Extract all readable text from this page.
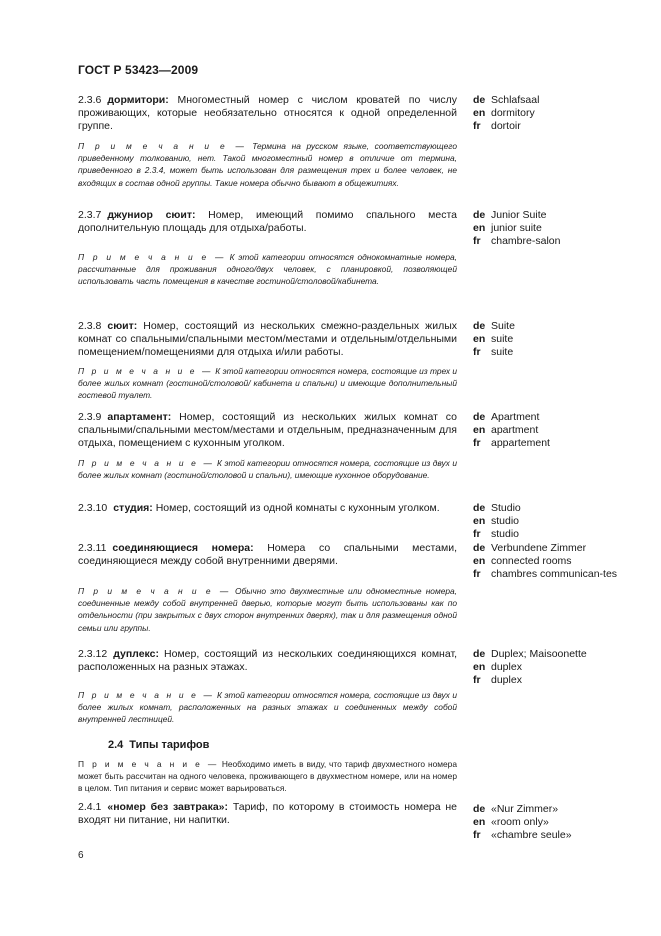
ГОСТ Р 53423—2009
2.3.6 дормитори: Многоместный номер с числом кроватей по числу проживающих, которые необязательно относятся к одной определенной группе.
П р и м е ч а н и е — Термина на русском языке, соответствующего приведенному толкованию, нет. Такой многоместный номер в отличие от термина, приведенного в 2.3.4, может быть использован для размещения трех и более человек, не входящих в состав одной группы. Такие номера обычно бывают в общежитиях.
de Schlafsaal
en dormitory
fr dortoir
2.3.7 джуниор сюит: Номер, имеющий помимо спального места дополнительную площадь для отдыха/работы.
П р и м е ч а н и е — К этой категории относятся однокомнатные номера, рассчитанные для проживания одного/двух человек, с планировкой, позволяющей использовать часть помещения в качестве гостиной/столовой/кабинета.
de Junior Suite
en junior suite
fr chambre-salon
2.3.8 сюит: Номер, состоящий из нескольких смежно-раздельных жилых комнат со спальными/спальными местом/местами и отдельным/отдельными помещением/помещениями для отдыха и/или работы.
П р и м е ч а н и е — К этой категории относятся номера, состоящие из трех и более жилых комнат (гостиной/столовой/ кабинета и спальни) и имеющие дополнительный гостевой туалет.
de Suite
en suite
fr suite
2.3.9 апартамент: Номер, состоящий из нескольких жилых комнат со спальными/спальными местом/местами и отдельным, предназначенным для отдыха, помещением с кухонным уголком.
П р и м е ч а н и е — К этой категории относятся номера, состоящие из двух и более жилых комнат (гостиной/столовой и спальни), имеющие кухонное оборудование.
de Apartment
en apartment
fr appartement
2.3.10 студия: Номер, состоящий из одной комнаты с кухонным уголком.	de Studio
en studio
fr studio
2.3.11 соединяющиеся номера: Номера со спальными местами, соединяющиеся между собой внутренними дверями.
П р и м е ч а н и е — Обычно это двухместные или одноместные номера, соединенные между собой внутренней дверью, которые могут быть использованы как по отдельности (при закрытых с двух сторон внутренних дверях), так и для размещения одной семьи или группы.
de Verbundene Zimmer
en connected rooms
fr chambres communican-tes
2.3.12 дуплекс: Номер, состоящий из нескольких соединяющихся комнат, расположенных на разных этажах.
П р и м е ч а н и е — К этой категории относятся номера, состоящие из двух и более жилых комнат, расположенных на разных этажах и соединенных между собой внутренней лестницей.
de Duplex; Maisoonette
en duplex
fr duplex
2.4 Типы тарифов
П р и м е ч а н и е — Необходимо иметь в виду, что тариф двухместного номера может быть рассчитан на одного человека, проживающего в двухместном номере, или на номер в целом. Тип питания и сервис может варьироваться.
2.4.1 «номер без завтрака»: Тариф, по которому в стоимость номера не входят ни питание, ни напитки.
de «Nur Zimmer»
en «room only»
fr «chambre seule»
6
